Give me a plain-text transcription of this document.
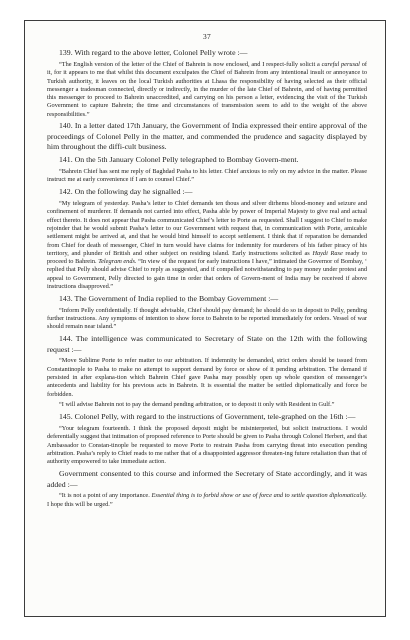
37

139. With regard to the above letter, Colonel Pelly wrote :—

“The English version of the letter of the Chief of Bahrein is now enclosed, and I respect-fully solicit a careful perusal of it, for it appears to me that whilst this document exculpates the Chief of Bahrein from any intentional insult or annoyance to Turkish authority, it leaves on the local Turkish authorities at Lhasa the responsibility of having selected as their official messenger a tradesman connected, directly or indirectly, in the murder of the late Chief of Bahrein, and of having permitted this messenger to proceed to Bahrein unaccredited, and carrying on his person a letter, evidencing the visit of the Turkish Government to capture Bahrein; the time and circumstances of transmission seem to add to the weight of the above responsibilities.”

140. In a letter dated 17th January, the Government of India expressed their entire approval of the proceedings of Colonel Pelly in the matter, and commended the prudence and sagacity displayed by him throughout the diffi-cult business.

141. On the 5th January Colonel Pelly telegraphed to Bombay Govern-ment.

“Bahrein Chief has sent me reply of Baghdad Pasha to his letter. Chief anxious to rely on my advice in the matter. Please instruct me at early convenience if I am to counsel Chief.”

142. On the following day he signalled :—

“My telegram of yesterday. Pasha’s letter to Chief demands ten thous and silver dirhems blood-money and seizure and confinement of murderer. If demands not carried into effect, Pasha able by power of Imperial Majesty to give real and actual effect thereto. It does not appear that Pasha communicated Chief’s letter to Porte as requested. Shall I suggest to Chief to make rejoinder that he would submit Pasha’s letter to our Government with request that, in communication with Porte, amicable settlement might be arrived at, and that he would bind himself to accept settlement. I think that if reparation be demanded from Chief for death of messenger, Chief in turn would have claims for indemnity for murderers of his father piracy of his territory, and plunder of British and other subject on residing island. Early instructions solicited as Haydi Rase ready to proceed to Bahrein. Telegram ends. “In view of the request for early instructions I have,” intimated the Governor of Bombay, ‘ replied that Pelly should advise Chief to reply as suggested, and if compelled notwithstanding to pay money under protest and appeal to Government, Pelly directed to gain time in order that orders of Govern-ment of India may be received if above instructions disapproved.”

143. The Government of India replied to the Bombay Government :—

“Inform Pelly confidentially. If thought advisable, Chief should pay demand; he should do so in deposit to Pelly, pending further instructions. Any symptoms of intention to show force to Bahrein to be reported immediately for orders. Vessel of war should remain near island.”

144. The intelligence was communicated to Secretary of State on the 12th with the following request :—

“Move Sublime Porte to refer matter to our arbitration. If indemnity be demanded, strict orders should be issued from Constantinople to Pasha to make no attempt to support demand by force or show of it pending arbitration. The demand if persisted in after explana-tion which Bahrein Chief gave Pasha may possibly open up whole question of messenger’s antecedents and liability for his previous acts in Bahrein. It is essential the matter be settled diplomatically and force be forbidden.

“I will advise Bahrein not to pay the demand pending arbitration, or to deposit it only with Resident in Gulf.”

145. Colonel Pelly, with regard to the instructions of Government, tele-graphed on the 16th :—

“Your telegram fourteenth. I think the proposed deposit might be misinterpreted, but solicit instructions. I would deferentially suggest that intimation of proposed reference to Porte should be given to Pasha through Colonel Herbert, and that Ambassador to Constan-tinople be requested to move Porte to restrain Pasha from carrying threat into execution pending arbitration. Pasha’s reply to Chief reads to me rather that of a disappointed aggressor threaten-ing future retaliation than that of authority empowered to take immediate action.

Government consented to this course and informed the Secretary of State accordingly, and it was added :—

“It is not a point of any importance. Essential thing is to forbid show or use of force and to settle question diplomatically. I hope this will be urged.”
